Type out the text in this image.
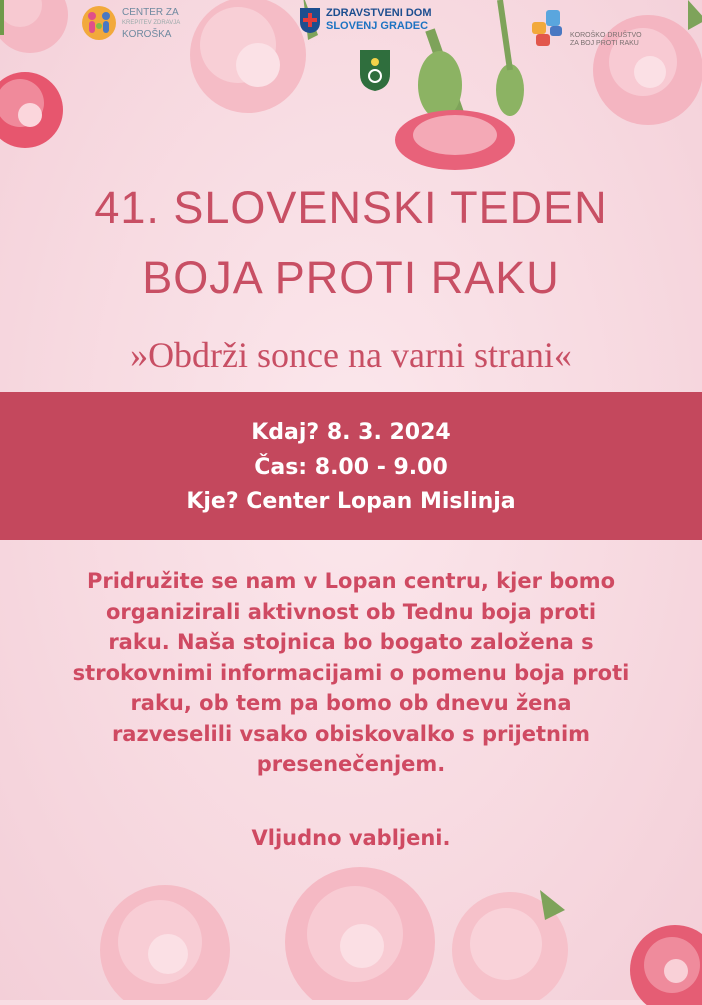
CENTER ZA
KREPITEV ZDRAVJA
KOROŠKA
ZDRAVSTVENI DOM
SLOVENJ GRADEC
KOROŠKO DRUŠTVO
ZA BOJ PROTI RAKU
41. SLOVENSKI TEDEN
BOJA PROTI RAKU
»Obdrži sonce na varni strani«
Kdaj? 8. 3. 2024
Čas: 8.00 - 9.00
Kje? Center Lopan Mislinja
Pridružite se nam v Lopan centru, kjer bomo
organizirali aktivnost ob Tednu boja proti
raku. Naša stojnica bo bogato založena s
strokovnimi informacijami o pomenu boja proti
raku, ob tem pa bomo ob dnevu žena
razveselili vsako obiskovalko s prijetnim
presenečenjem.
Vljudno vabljeni.
